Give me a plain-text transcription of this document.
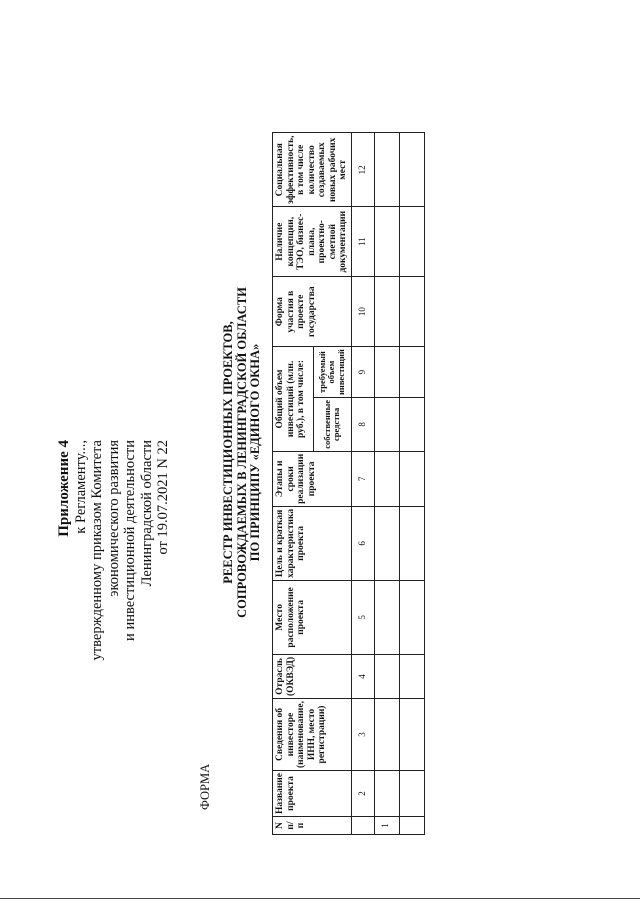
Приложение 4 к Регламенту..., утвержденному приказом Комитета экономического развития и инвестиционной деятельности Ленинградской области от 19.07.2021 N 22	РЕЕСТР ИНВЕСТИЦИОННЫХ ПРОЕКТОВ, СОПРОВОЖДАЕМЫХ В ЛЕНИНГРАДСКОЙ ОБЛАСТИ ПО ПРИНЦИПУ «ЕДИНОГО ОКНА»
ФОРМА
N п/п	Название проекта	Сведения об инвесторе (наименование, ИНН, место регистрации)	Отрасль (ОКВЭД)	Место расположение проекта	Цель и краткая характеристика проекта	Этапы и сроки реализации проекта	Общий объем инвестиций (млн. руб.), в том числе:		Форма участия в проекте государства	Наличие концепции, ТЭО, бизнес-плана, проектно-сметной документации	Социальная эффективность, в том числе количество создаваемых новых рабочих мест
							собственные средства	требуемый объем инвестиций			
	2	3	4	5	6	7	8	9	10	11	12
1											
